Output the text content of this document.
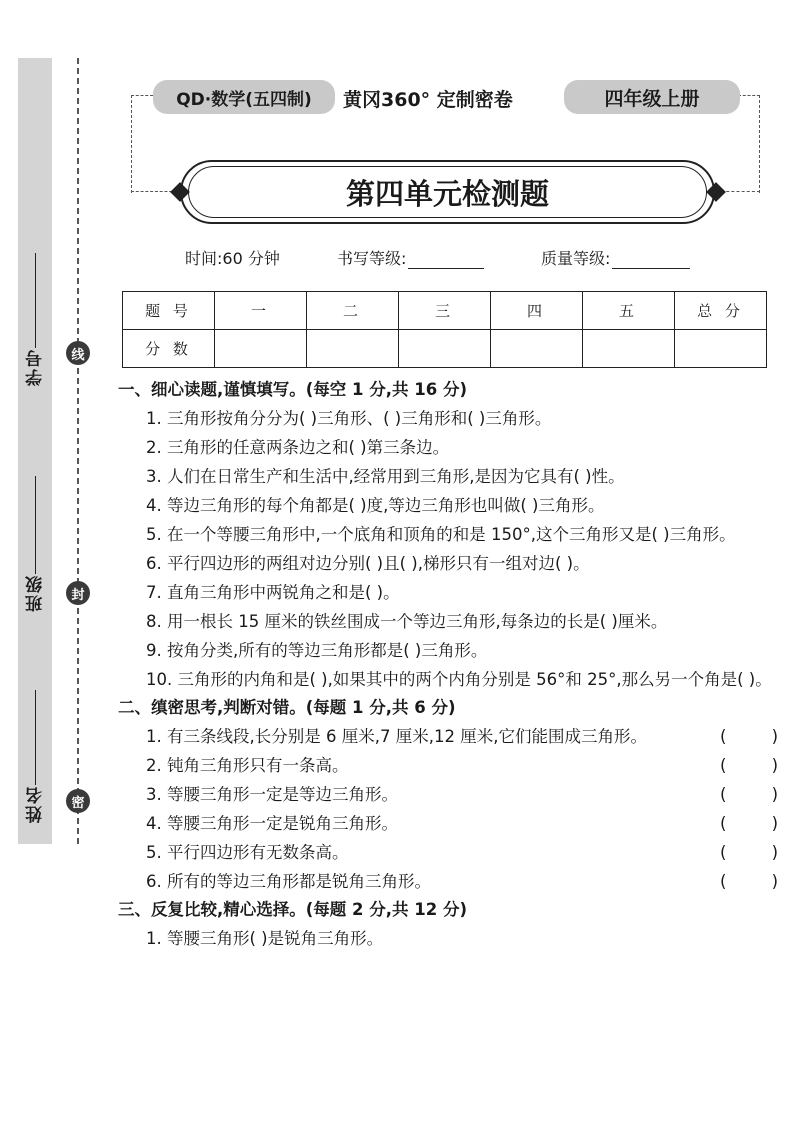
线
封
密
学号
班级
姓名
QD·数学(五四制)	黄冈360° 定制密卷	四年级上册
第四单元检测题
时间:60 分钟	书写等级:	质量等级:
题 号	一	二	三	四	五	总 分
分 数						
一、细心读题,谨慎填写。(每空 1 分,共 16 分)
1. 三角形按角分分为( )三角形、( )三角形和( )三角形。
2. 三角形的任意两条边之和( )第三条边。
3. 人们在日常生产和生活中,经常用到三角形,是因为它具有( )性。
4. 等边三角形的每个角都是( )度,等边三角形也叫做( )三角形。
5. 在一个等腰三角形中,一个底角和顶角的和是 150°,这个三角形又是( )三角形。
6. 平行四边形的两组对边分别( )且( ),梯形只有一组对边( )。
7. 直角三角形中两锐角之和是( )。
8. 用一根长 15 厘米的铁丝围成一个等边三角形,每条边的长是( )厘米。
9. 按角分类,所有的等边三角形都是( )三角形。
10. 三角形的内角和是( ),如果其中的两个内角分别是 56°和 25°,那么另一个角是( )。
二、缜密思考,判断对错。(每题 1 分,共 6 分)
1. 有三条线段,长分别是 6 厘米,7 厘米,12 厘米,它们能围成三角形。	(	)
2. 钝角三角形只有一条高。	(	)
3. 等腰三角形一定是等边三角形。	(	)
4. 等腰三角形一定是锐角三角形。	(	)
5. 平行四边形有无数条高。	(	)
6. 所有的等边三角形都是锐角三角形。	(	)
三、反复比较,精心选择。(每题 2 分,共 12 分)
1. 等腰三角形( )是锐角三角形。
